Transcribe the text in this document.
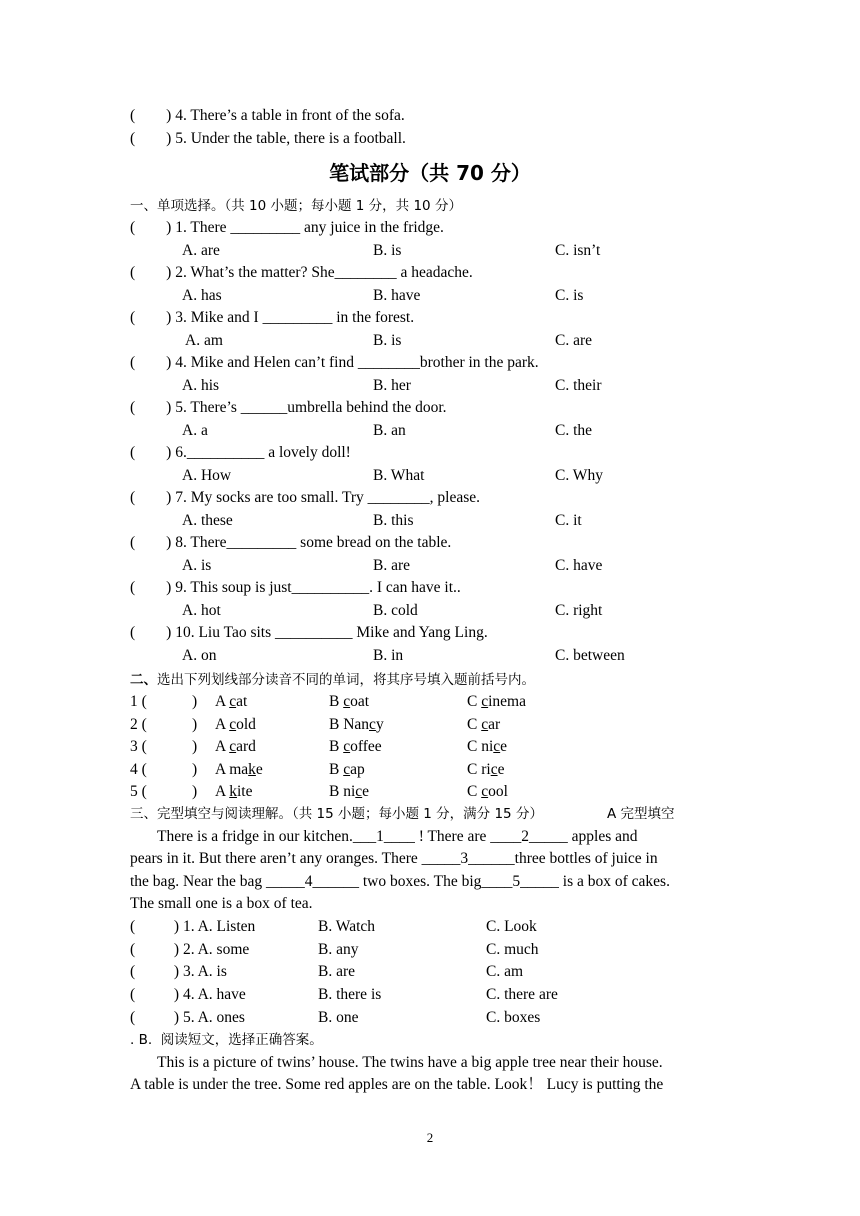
(        ) 4. There’s a table in front of the sofa.
(        ) 5. Under the table, there is a football.
笔试部分（共 70 分）
一、单项选择。（共 10 小题；每小题 1 分，共 10 分）
(        ) 1. There _________ any juice in the fridge.
A. are	B. is	C. isn’t
(        ) 2. What’s the matter? She________ a headache.
A. has	B. have	C. is
(        ) 3. Mike and I _________ in the forest.
A. am	B. is	C. are
(        ) 4. Mike and Helen can’t find ________brother in the park.
A. his	B. her	C. their
(        ) 5. There’s ______umbrella behind the door.
A. a	B. an	C. the
(        ) 6.__________ a lovely doll!
A. How	B. What	C. Why
(        ) 7. My socks are too small. Try ________, please.
A. these	B. this	C. it
(        ) 8. There_________ some bread on the table.
A. is	B. are	C. have
(        ) 9. This soup is just__________. I can have it..
A. hot	B. cold	C. right
(        ) 10. Liu Tao sits __________ Mike and Yang Ling.
A. on	B. in	C. between
二、选出下列划线部分读音不同的单词，将其序号填入题前括号内。
1 (	) A cat	B coat	C cinema
2 (	) A cold	B Nancy	C car
3 (	) A card	B coffee	C nice
4 (	) A make	B cap	C rice
5 (	) A kite	B nice	C cool
三、完型填空与阅读理解。（共 15 小题；每小题 1 分，满分 15 分）	A 完型填空
There is a fridge in our kitchen.___1____ ! There are ____2_____ apples and
pears in it. But there aren’t any oranges. There _____3______three bottles of juice in
the bag. Near the bag _____4______ two boxes. The big____5_____ is a box of cakes.
The small one is a box of tea.
(          ) 1. A. Listen	B. Watch	C. Look
(          ) 2. A. some	B. any	C. much
(          ) 3. A. is	B. are	C. am
(          ) 4. A. have	B. there is	C. there are
(          ) 5. A. ones	B. one	C. boxes
. B.  阅读短文，选择正确答案。
This is a picture of twins’ house. The twins have a big apple tree near their house.
A table is under the tree. Some red apples are on the table. Look！ Lucy is putting the
2
